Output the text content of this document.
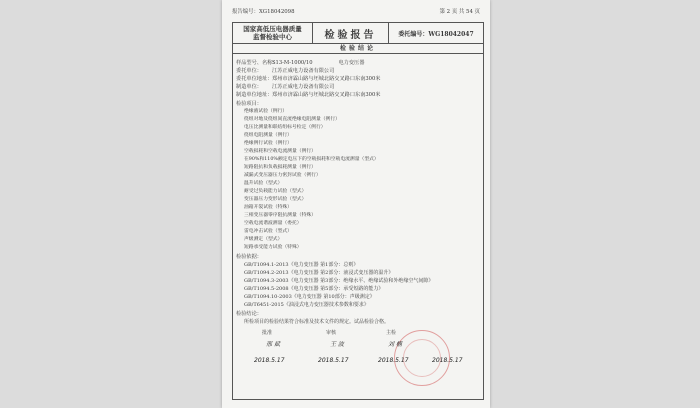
报告编号：XG18042098	第 2 页 共 54 页
国家高低压电器质量
监督检验中心	检验报告	委托编号：WG18042047
检验结论
样品型号、名称：S13-M-1000/10　　　　　电力变压器
委托单位： 江苏正威电力设备有限公司
委托单位地址：郑州市济霖山路与坯城北路交叉路口东南300米
制造单位： 江苏正威电力设备有限公司
制造单位地址：郑州市济霖山路与坯城北路交叉路口东南300米
检验项目：
绝缘液试验（例行）
绕组对地及绕组间直流绝缘电阻测量（例行）
电压比测量和联结组标号检定（例行）
绕组电阻测量（例行）
绝缘例行试验（例行）
空载损耗和空载电流测量（例行）
在90%和110%额定电压下的空载损耗和空载电流测量（型式）
短路阻抗和负载损耗测量（例行）
减漏式变压器压力密封试验（例行）
温升试验（型式）
耐受过负载能力试验（型式）
变压器压力变形试验（型式）
油箱开裂试验（特殊）
三相变压器零序阻抗测量（特殊）
空载电流谐波测量（委托）
雷电冲击试验（型式）
声级测定（型式）
短路承受能力试验（特殊）
检验依据：
GB/T1094.1-2013《电力变压器 第1部分：总则》
GB/T1094.2-2013《电力变压器 第2部分：液浸式变压器的温升》
GB/T1094.3-2003《电力变压器 第3部分：绝缘水平、绝缘试验和外绝缘空气间隙》
GB/T1094.5-2008《电力变压器 第5部分：承受短路的能力》
GB/T1094.10-2003《电力变压器 第10部分：声级测定》
GB/T6451-2015《油浸式电力变压器技术参数和要求》
检验结论：
所检项目的检验结果符合标准及技术文件的规定。试品检验合格。
批准
邢 斌
审核
王 波
主检
刘 楠
2018.5.17	2018.5.17	2018.5.17	2018.5.17
